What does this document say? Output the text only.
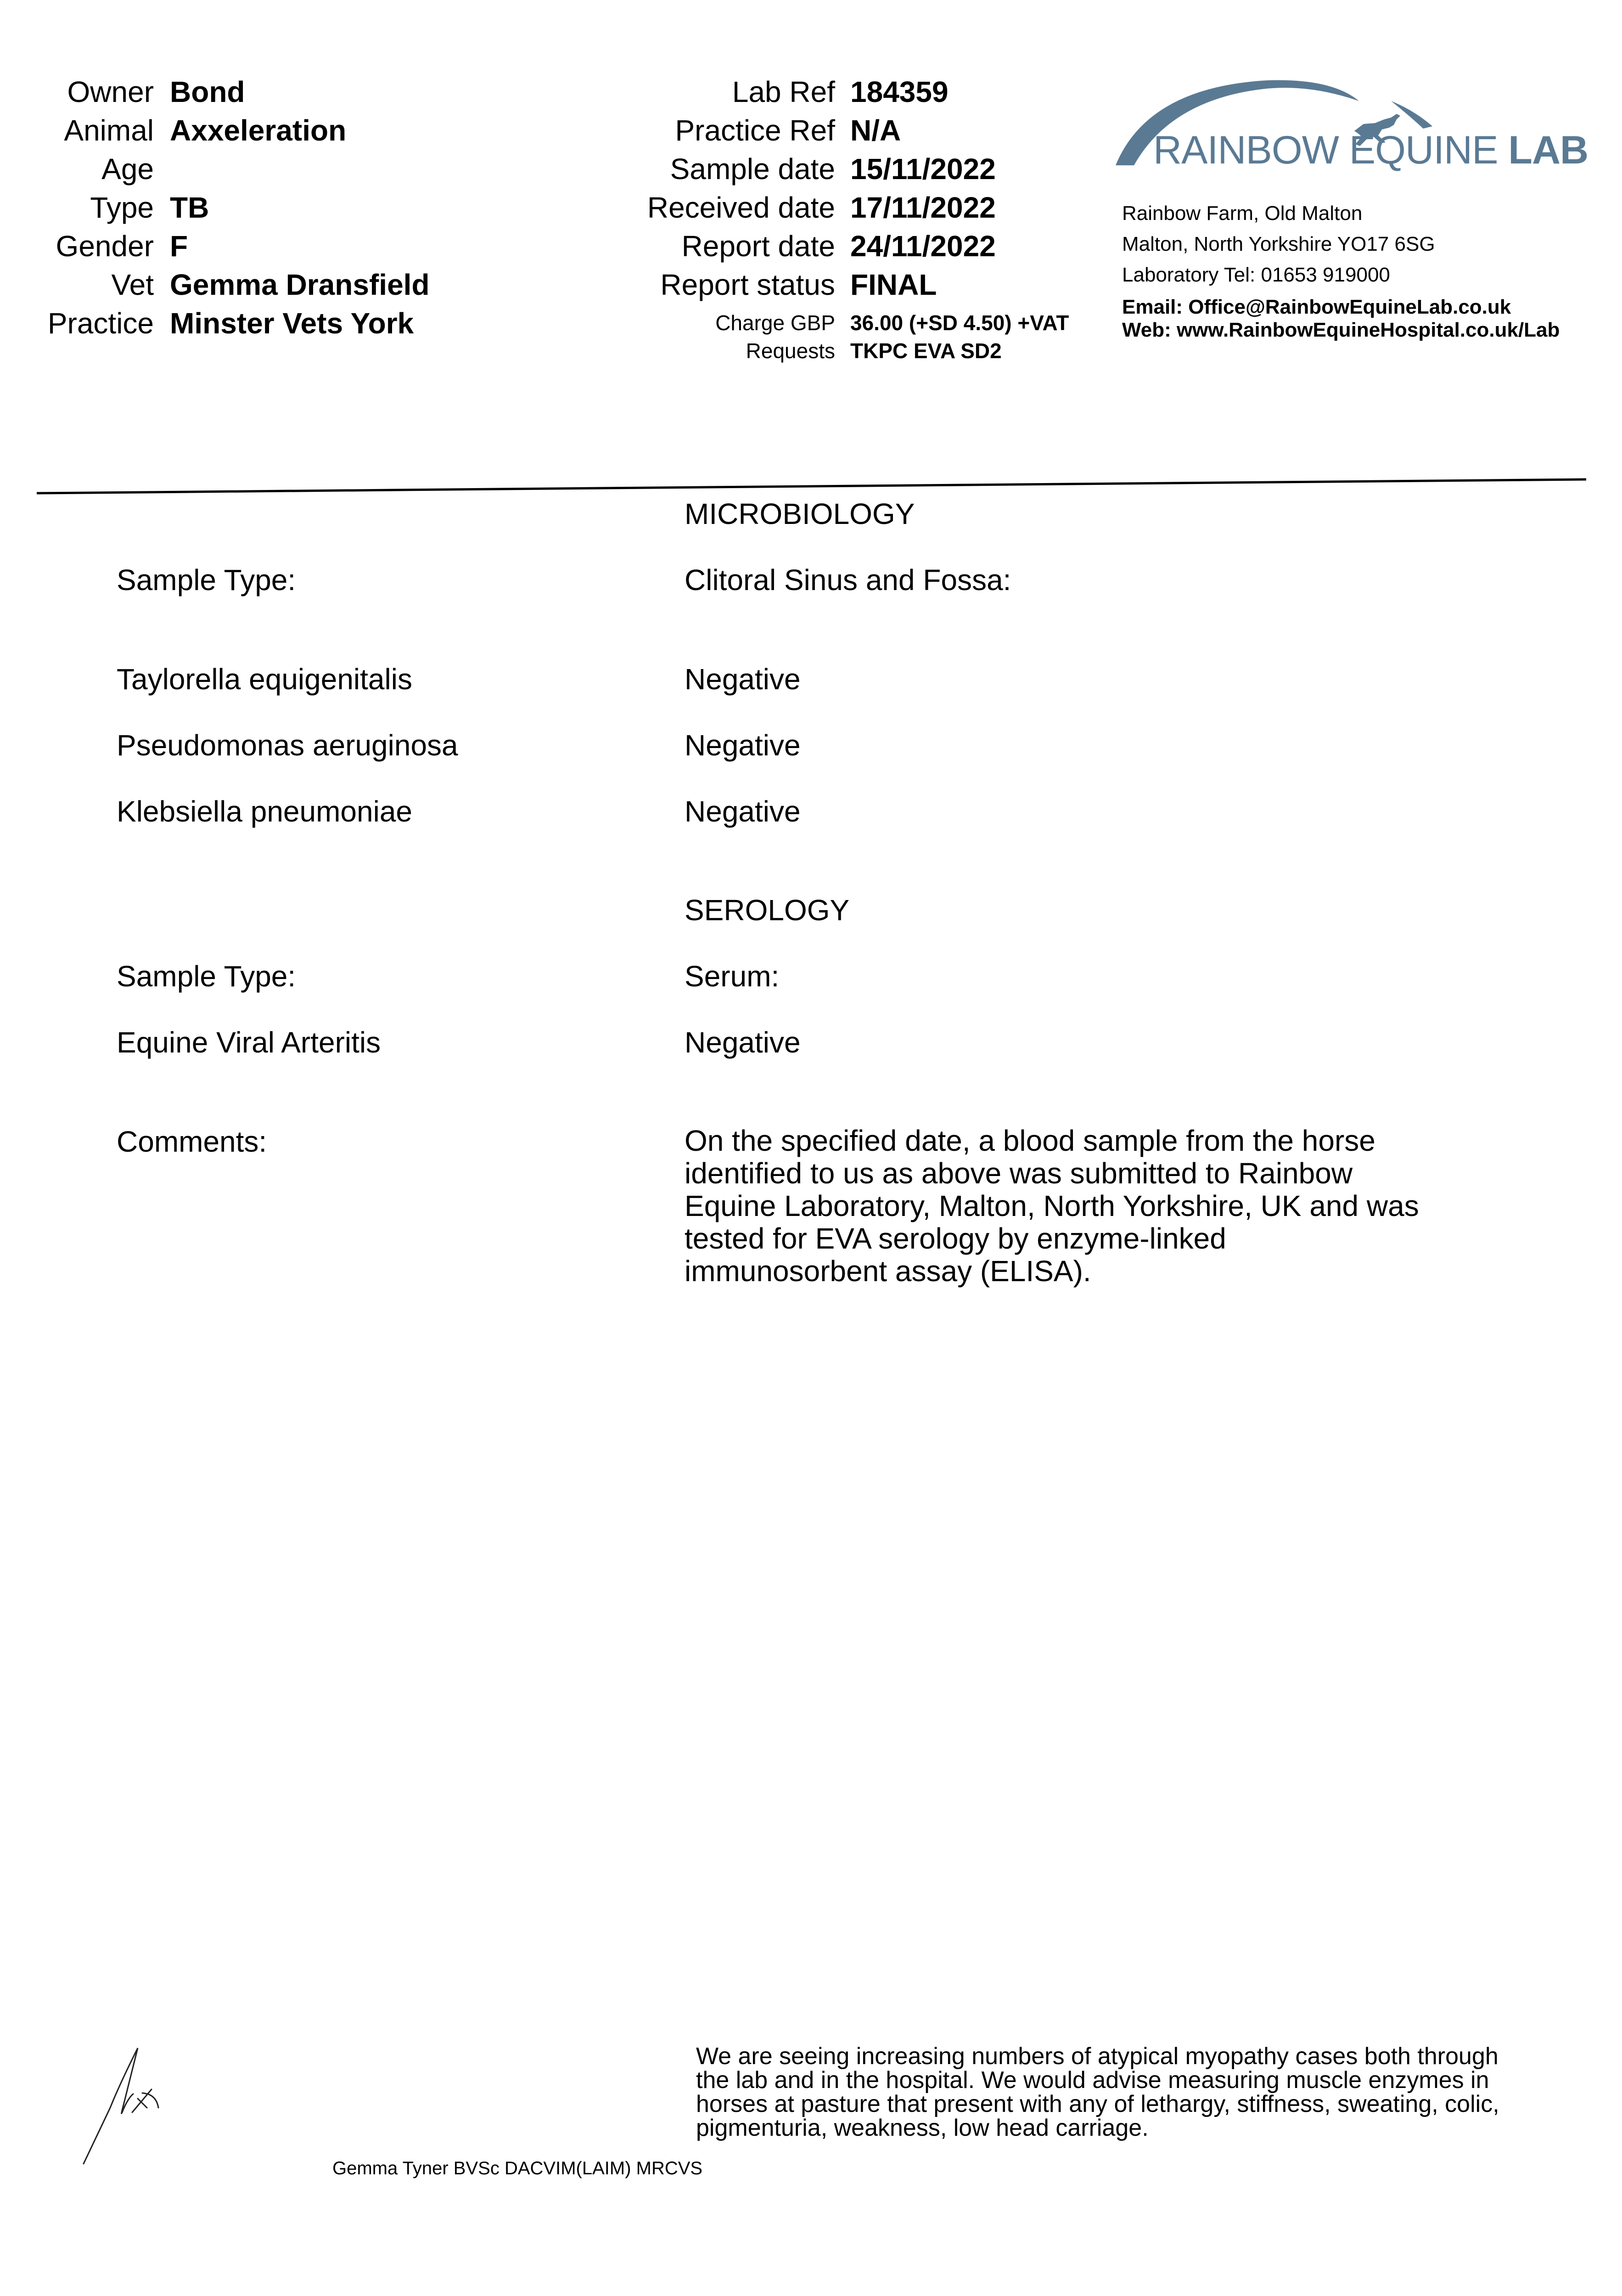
Owner Bond
Animal Axxeleration
Age
Type TB
Gender F
Vet Gemma Dransfield
Practice Minster Vets York
Lab Ref 184359
Practice Ref N/A
Sample date 15/11/2022
Received date 17/11/2022
Report date 24/11/2022
Report status FINAL
Charge GBP 36.00 (+SD 4.50) +VAT
Requests TKPC EVA SD2
RAINBOW EQUINE LAB
Rainbow Farm, Old Malton
Malton, North Yorkshire YO17 6SG
Laboratory Tel: 01653 919000
Email: Office@RainbowEquineLab.co.uk
Web: www.RainbowEquineHospital.co.uk/Lab
MICROBIOLOGY
Sample Type:	Clitoral Sinus and Fossa:
Taylorella equigenitalis	Negative
Pseudomonas aeruginosa	Negative
Klebsiella pneumoniae	Negative
SEROLOGY
Sample Type:	Serum:
Equine Viral Arteritis	Negative
Comments:	On the specified date, a blood sample from the horse identified to us as above was submitted to Rainbow Equine Laboratory, Malton, North Yorkshire, UK and was tested for EVA serology by enzyme-linked immunosorbent assay (ELISA).
We are seeing increasing numbers of atypical myopathy cases both through the lab and in the hospital. We would advise measuring muscle enzymes in horses at pasture that present with any of lethargy, stiffness, sweating, colic, pigmenturia, weakness, low head carriage.
Gemma Tyner BVSc DACVIM(LAIM) MRCVS
